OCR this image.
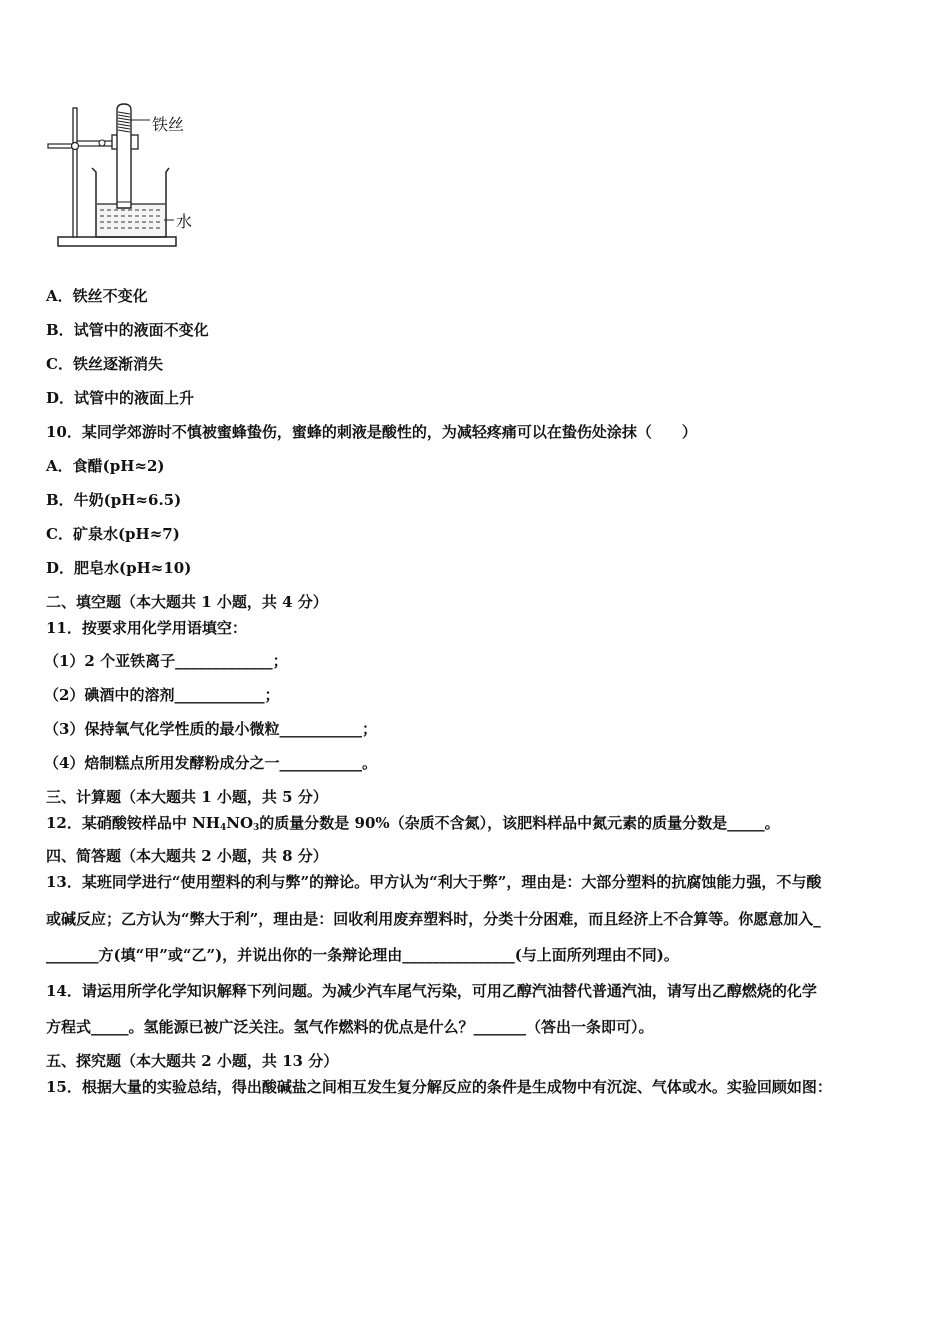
铁丝
水
A．铁丝不变化
B．试管中的液面不变化
C．铁丝逐渐消失
D．试管中的液面上升
10．某同学郊游时不慎被蜜蜂蛰伤，蜜蜂的刺液是酸性的，为减轻疼痛可以在蛰伤处涂抹（　　）
A．食醋(pH≈2)
B．牛奶(pH≈6.5)
C．矿泉水(pH≈7)
D．肥皂水(pH≈10)
二、填空题（本大题共 1 小题，共 4 分）
11．按要求用化学用语填空：
（1）2 个亚铁离子_____________；
（2）碘酒中的溶剂____________；
（3）保持氧气化学性质的最小微粒___________；
（4）焙制糕点所用发酵粉成分之一___________。
三、计算题（本大题共 1 小题，共 5 分）
12．某硝酸铵样品中 $NH_4NO_3$的质量分数是 90%（杂质不含氮），该肥料样品中氮元素的质量分数是_____。
四、简答题（本大题共 2 小题，共 8 分）
13．某班同学进行“使用塑料的利与弊”的辩论。甲方认为“利大于弊”，理由是：大部分塑料的抗腐蚀能力强，不与酸
或碱反应；乙方认为“弊大于利”，理由是：回收利用废弃塑料时，分类十分困难，而且经济上不合算等。你愿意加入_
_______方(填“甲”或“乙”)，并说出你的一条辩论理由_______________(与上面所列理由不同)。
14．请运用所学化学知识解释下列问题。为减少汽车尾气污染，可用乙醇汽油替代普通汽油，请写出乙醇燃烧的化学
方程式_____。氢能源已被广泛关注。氢气作燃料的优点是什么？_______（答出一条即可）。
五、探究题（本大题共 2 小题，共 13 分）
15．根据大量的实验总结，得出酸碱盐之间相互发生复分解反应的条件是生成物中有沉淀、气体或水。实验回顾如图：
